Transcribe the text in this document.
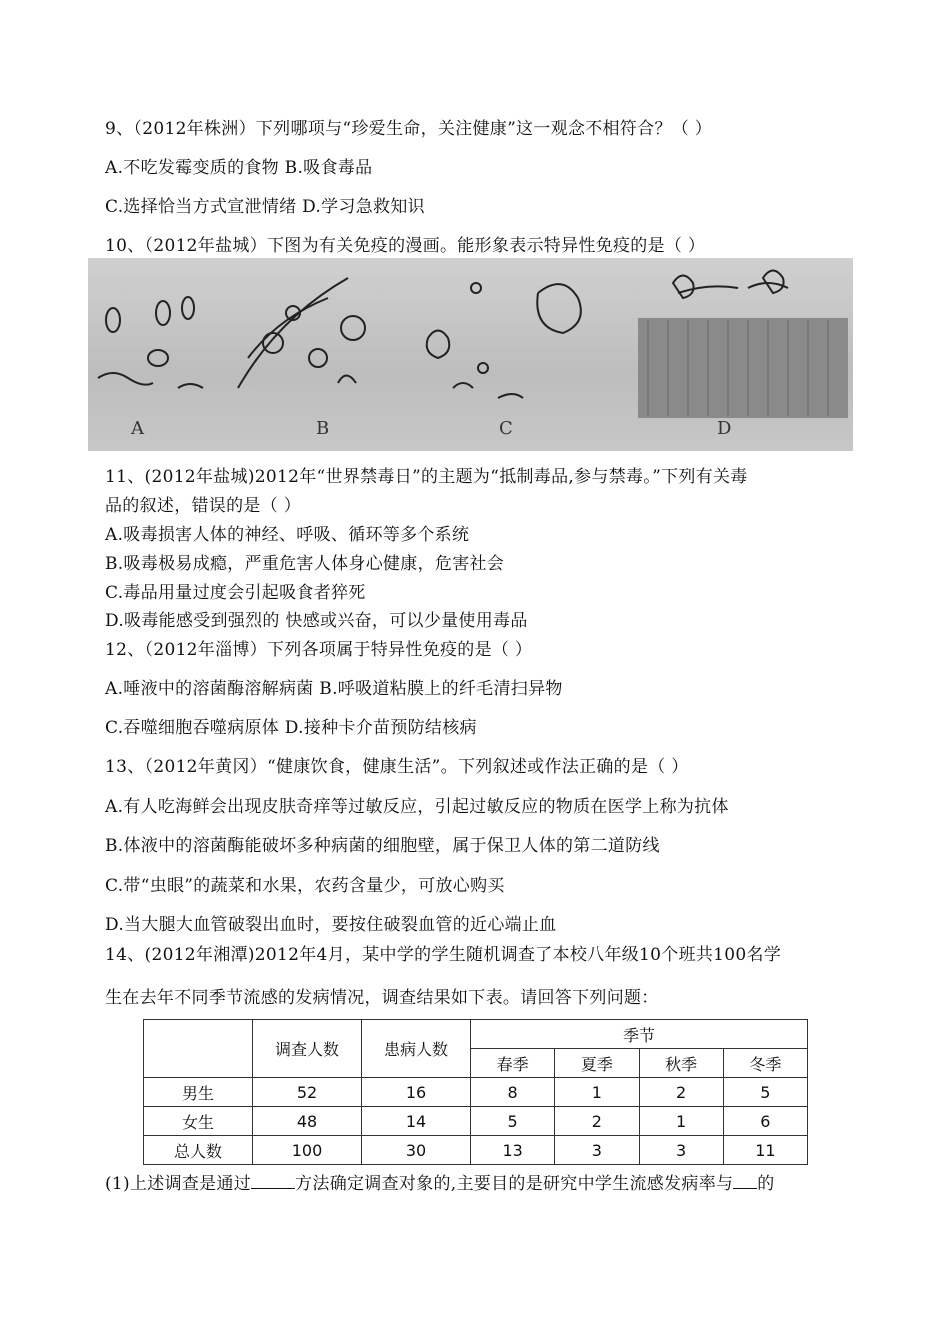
9、（2012年株洲）下列哪项与“珍爱生命，关注健康”这一观念不相符合？（ ）
A.不吃发霉变质的食物 B.吸食毒品
C.选择恰当方式宣泄情绪 D.学习急救知识
10、（2012年盐城）下图为有关免疫的漫画。能形象表示特异性免疫的是（ ）
A	B	C	D
11、(2012年盐城)2012年“世界禁毒日”的主题为“抵制毒品,参与禁毒。”下列有关毒
品的叙述，错误的是（ ）
A.吸毒损害人体的神经、呼吸、循环等多个系统
B.吸毒极易成瘾，严重危害人体身心健康，危害社会
C.毒品用量过度会引起吸食者猝死
D.吸毒能感受到强烈的 快感或兴奋，可以少量使用毒品
12、（2012年淄博）下列各项属于特异性免疫的是（ ）
A.唾液中的溶菌酶溶解病菌 B.呼吸道粘膜上的纤毛清扫异物
C.吞噬细胞吞噬病原体 D.接种卡介苗预防结核病
13、（2012年黄冈）“健康饮食，健康生活”。下列叙述或作法正确的是（ ）
A.有人吃海鲜会出现皮肤奇痒等过敏反应，引起过敏反应的物质在医学上称为抗体
B.体液中的溶菌酶能破坏多种病菌的细胞壁，属于保卫人体的第二道防线
C.带“虫眼”的蔬菜和水果，农药含量少，可放心购买
D.当大腿大血管破裂出血时，要按住破裂血管的近心端止血
14、(2012年湘潭)2012年4月，某中学的学生随机调查了本校八年级10个班共100名学
生在去年不同季节流感的发病情况，调查结果如下表。请回答下列问题：
	调查人数	患病人数	季节			
			春季	夏季	秋季	冬季
男生	52	16	8	1	2	5
女生	48	14	5	2	1	6
总人数	100	30	13	3	3	11
(1)上述调查是通过	方法确定调查对象的,主要目的是研究中学生流感发病率与 的
